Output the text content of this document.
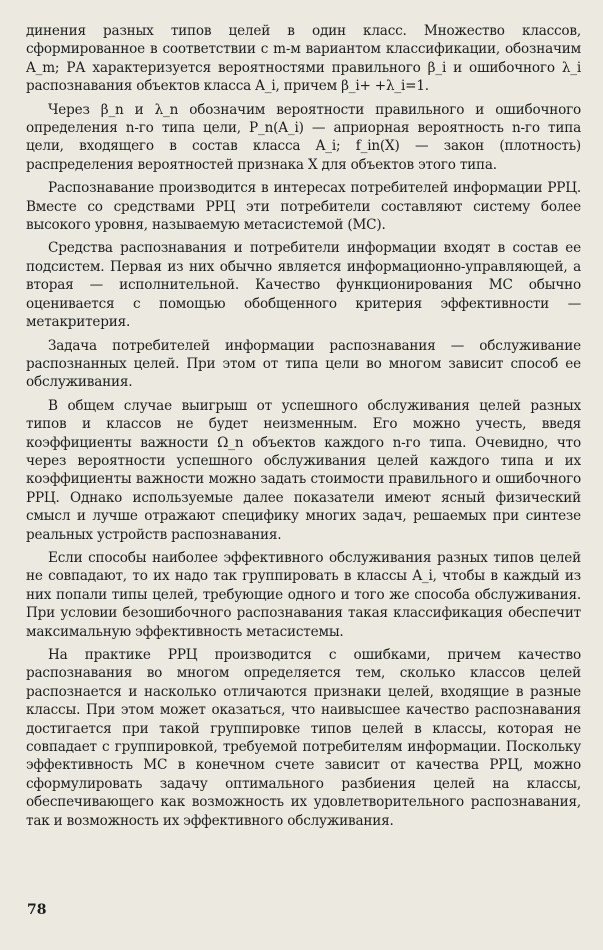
динения разных типов целей в один класс. Множество классов, сформированное в соответствии с m-м вариантом классификации, обозначим A_m; РА характеризуется вероятностями правильного β_i и ошибочного λ_i распознавания объектов класса A_i, причем β_i+ +λ_i=1.

Через β_n и λ_n обозначим вероятности правильного и ошибочного определения n-го типа цели, P_n(A_i) — априорная вероятность n-го типа цели, входящего в состав класса A_i; f_in(X) — закон (плотность) распределения вероятностей признака X для объектов этого типа.

Распознавание производится в интересах потребителей информации РРЦ. Вместе со средствами РРЦ эти потребители составляют систему более высокого уровня, называемую метасистемой (МС).

Средства распознавания и потребители информации входят в состав ее подсистем. Первая из них обычно является информационно-управляющей, а вторая — исполнительной. Качество функционирования МС обычно оценивается с помощью обобщенного критерия эффективности — метакритерия.

Задача потребителей информации распознавания — обслуживание распознанных целей. При этом от типа цели во многом зависит способ ее обслуживания.

В общем случае выигрыш от успешного обслуживания целей разных типов и классов не будет неизменным. Его можно учесть, введя коэффициенты важности Ω_n объектов каждого n-го типа. Очевидно, что через вероятности успешного обслуживания целей каждого типа и их коэффициенты важности можно задать стоимости правильного и ошибочного РРЦ. Однако используемые далее показатели имеют ясный физический смысл и лучше отражают специфику многих задач, решаемых при синтезе реальных устройств распознавания.

Если способы наиболее эффективного обслуживания разных типов целей не совпадают, то их надо так группировать в классы A_i, чтобы в каждый из них попали типы целей, требующие одного и того же способа обслуживания. При условии безошибочного распознавания такая классификация обеспечит максимальную эффективность метасистемы.

На практике РРЦ производится с ошибками, причем качество распознавания во многом определяется тем, сколько классов целей распознается и насколько отличаются признаки целей, входящие в разные классы. При этом может оказаться, что наивысшее качество распознавания достигается при такой группировке типов целей в классы, которая не совпадает с группировкой, требуемой потребителям информации. Поскольку эффективность МС в конечном счете зависит от качества РРЦ, можно сформулировать задачу оптимального разбиения целей на классы, обеспечивающего как возможность их удовлетворительного распознавания, так и возможность их эффективного обслуживания.

78
